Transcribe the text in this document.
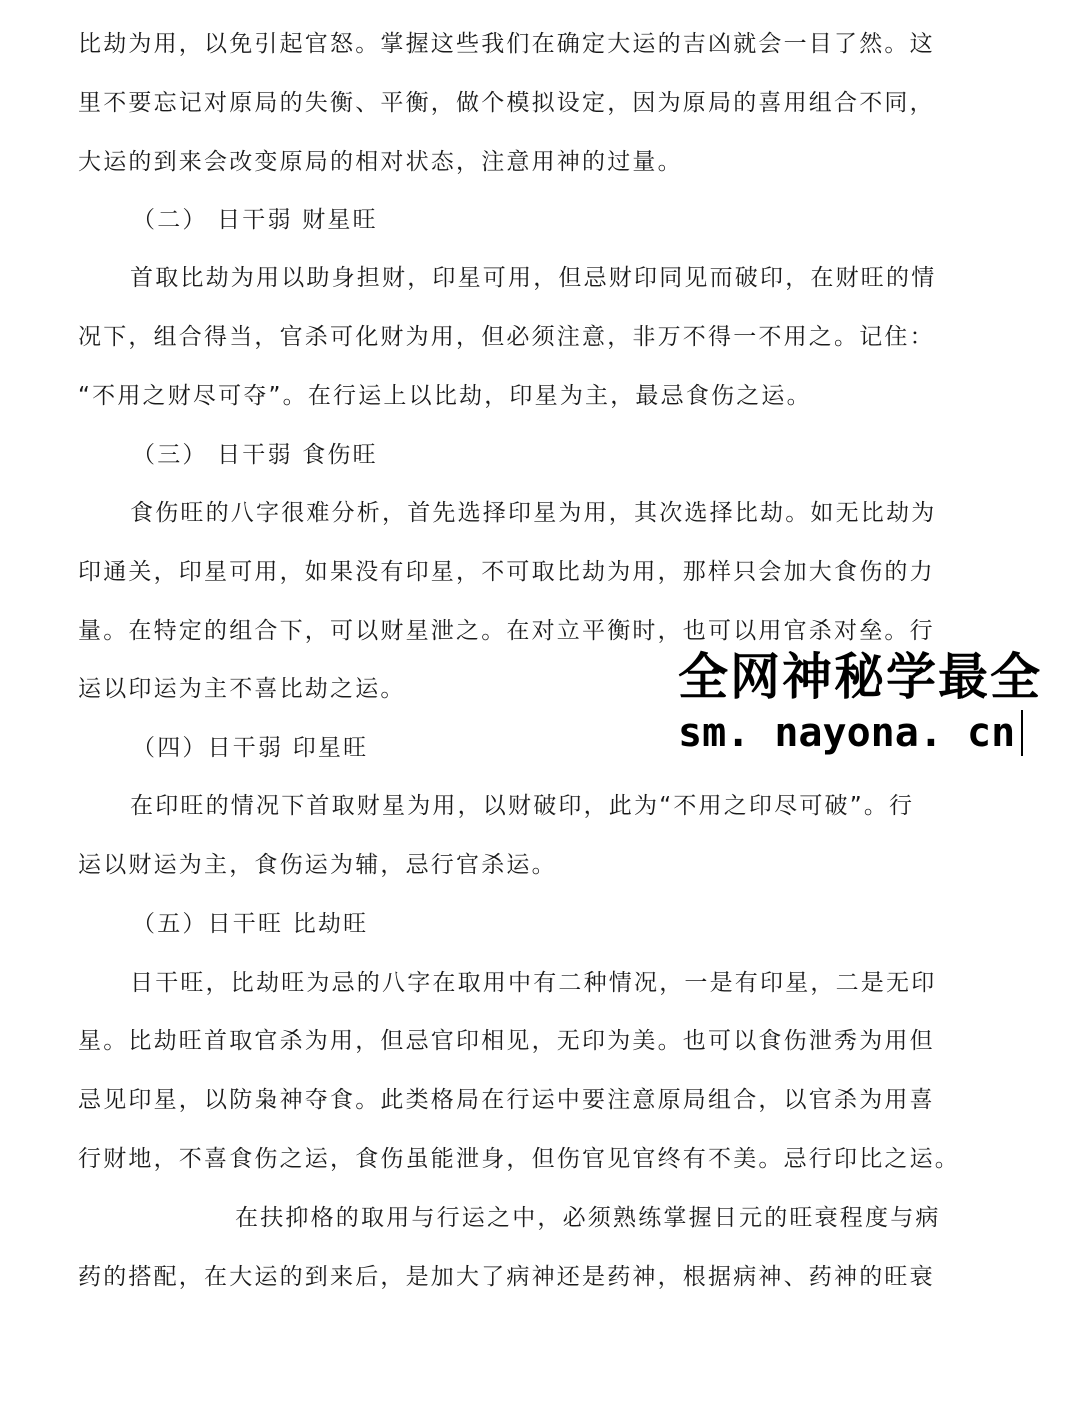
比劫为用，以免引起官怒。掌握这些我们在确定大运的吉凶就会一目了然。这
里不要忘记对原局的失衡、平衡，做个模拟设定，因为原局的喜用组合不同，
大运的到来会改变原局的相对状态，注意用神的过量。
（二） 日干弱 财星旺
首取比劫为用以助身担财，印星可用，但忌财印同见而破印，在财旺的情
况下，组合得当，官杀可化财为用，但必须注意，非万不得一不用之。记住：
“不用之财尽可夺”。在行运上以比劫，印星为主，最忌食伤之运。
（三） 日干弱 食伤旺
食伤旺的八字很难分析，首先选择印星为用，其次选择比劫。如无比劫为
印通关，印星可用，如果没有印星，不可取比劫为用，那样只会加大食伤的力
量。在特定的组合下，可以财星泄之。在对立平衡时，也可以用官杀对垒。行
运以印运为主不喜比劫之运。
（四）日干弱 印星旺
在印旺的情况下首取财星为用，以财破印，此为“不用之印尽可破”。行
运以财运为主，食伤运为辅，忌行官杀运。
（五）日干旺 比劫旺
日干旺，比劫旺为忌的八字在取用中有二种情况，一是有印星，二是无印
星。比劫旺首取官杀为用，但忌官印相见，无印为美。也可以食伤泄秀为用但
忌见印星，以防枭神夺食。此类格局在行运中要注意原局组合，以官杀为用喜
行财地，不喜食伤之运，食伤虽能泄身，但伤官见官终有不美。忌行印比之运。
在扶抑格的取用与行运之中，必须熟练掌握日元的旺衰程度与病
药的搭配，在大运的到来后，是加大了病神还是药神，根据病神、药神的旺衰
全网神秘学最全
sm. nayona. cn
